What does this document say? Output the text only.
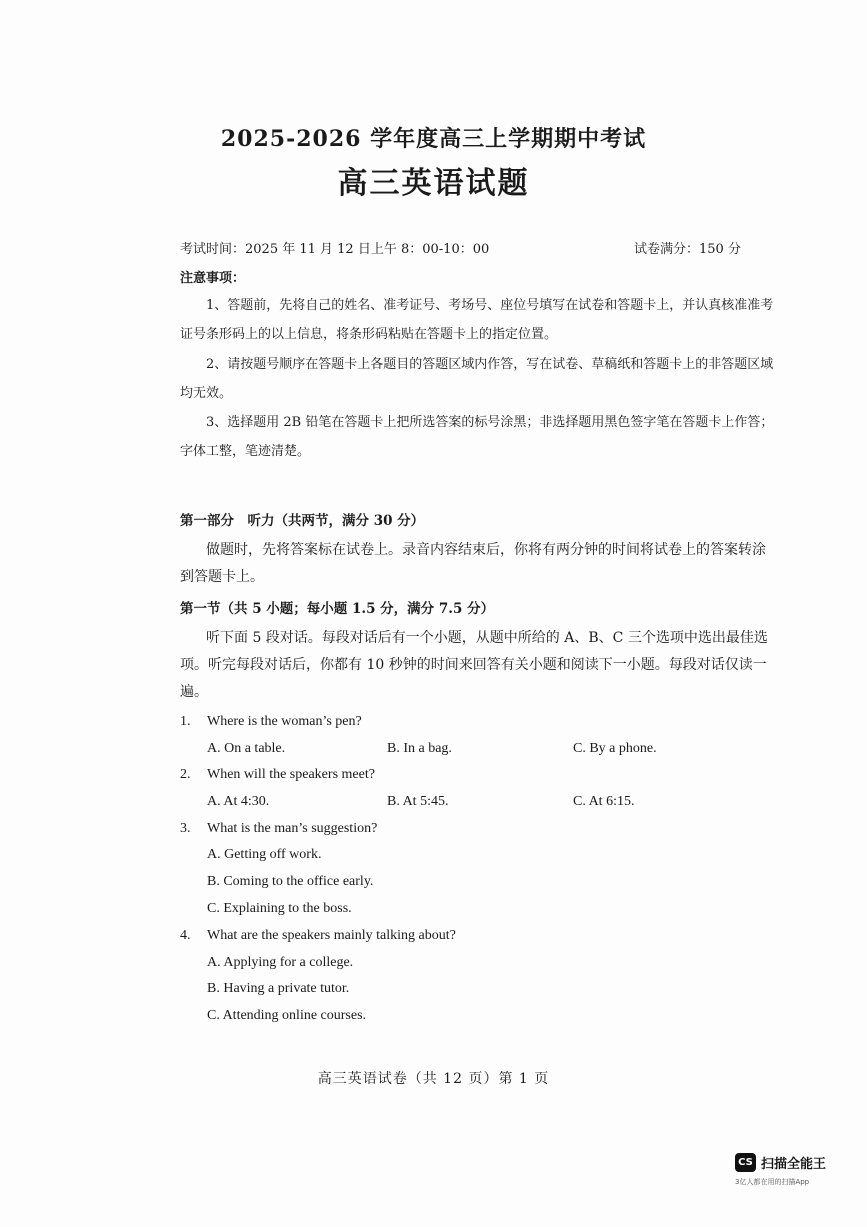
2025-2026 学年度高三上学期期中考试
高三英语试题
考试时间：2025 年 11 月 12 日上午 8：00-10：00	试卷满分：150 分
注意事项：
1、答题前，先将自己的姓名、准考证号、考场号、座位号填写在试卷和答题卡上，并认真核准准考证号条形码上的以上信息，将条形码粘贴在答题卡上的指定位置。
2、请按题号顺序在答题卡上各题目的答题区域内作答，写在试卷、草稿纸和答题卡上的非答题区域均无效。
3、选择题用 2B 铅笔在答题卡上把所选答案的标号涂黑；非选择题用黑色签字笔在答题卡上作答；字体工整，笔迹清楚。
第一部分　听力（共两节，满分 30 分）
做题时，先将答案标在试卷上。录音内容结束后，你将有两分钟的时间将试卷上的答案转涂到答题卡上。
第一节（共 5 小题；每小题 1.5 分，满分 7.5 分）
听下面 5 段对话。每段对话后有一个小题，从题中所给的 A、B、C 三个选项中选出最佳选项。听完每段对话后，你都有 10 秒钟的时间来回答有关小题和阅读下一小题。每段对话仅读一遍。
1. Where is the woman’s pen?
A. On a table.	B. In a bag.	C. By a phone.
2. When will the speakers meet?
A. At 4:30.	B. At 5:45.	C. At 6:15.
3. What is the man’s suggestion?
A. Getting off work.
B. Coming to the office early.
C. Explaining to the boss.
4. What are the speakers mainly talking about?
A. Applying for a college.
B. Having a private tutor.
C. Attending online courses.
高三英语试卷（共 12 页）第 1 页
CS 扫描全能王
3亿人都在用的扫描App
